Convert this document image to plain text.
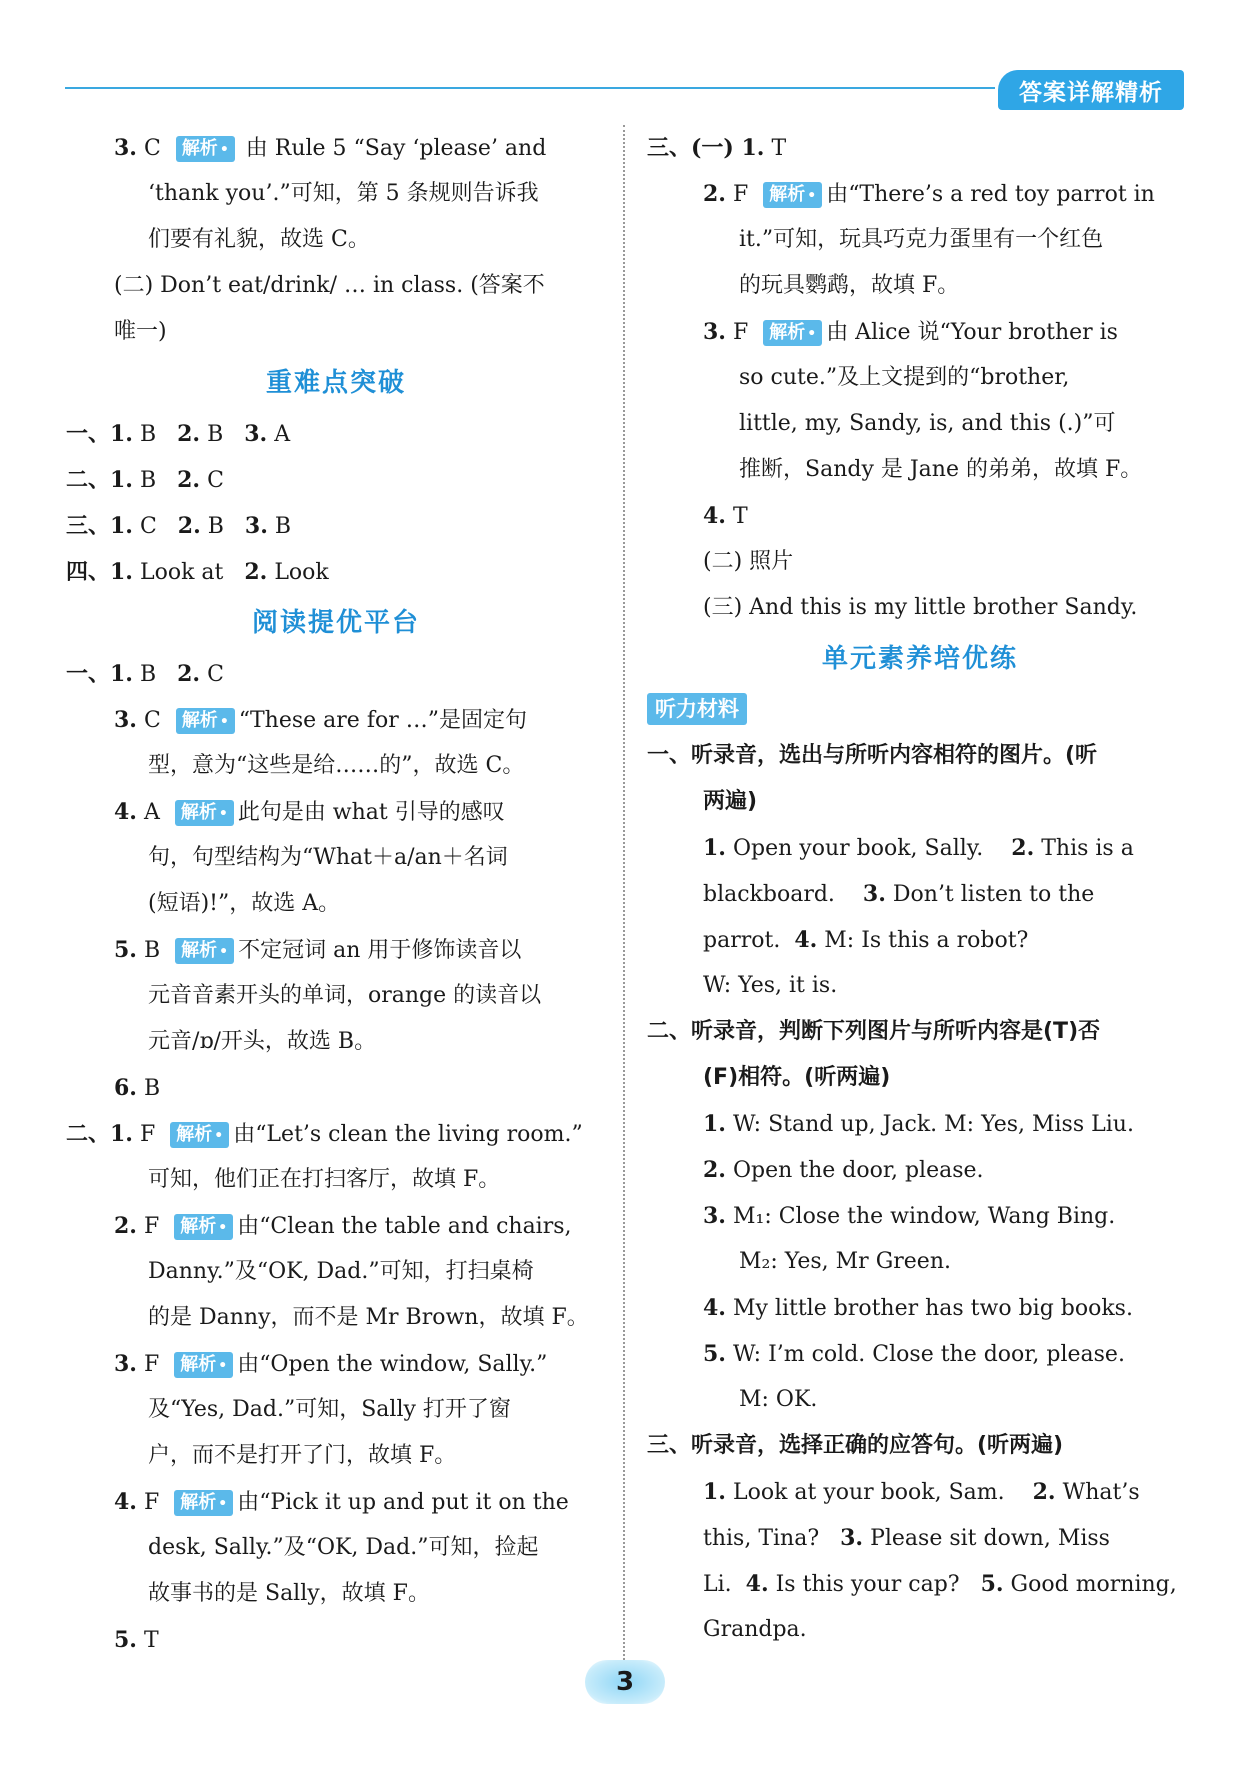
答案详解精析
3. C 解析 • 由 Rule 5 “Say ‘please’ and
‘thank you’.”可知，第 5 条规则告诉我
们要有礼貌，故选 C。
(二) Don’t eat/drink/ … in class. (答案不
唯一)
重难点突破
一、1. B 2. B 3. A
二、1. B 2. C
三、1. C 2. B 3. B
四、1. Look at 2. Look
阅读提优平台
一、1. B 2. C
3. C 解析 • “These are for …”是固定句
型，意为“这些是给……的”，故选 C。
4. A 解析 • 此句是由 what 引导的感叹
句，句型结构为“What＋a/an＋名词
(短语)!”，故选 A。
5. B 解析 • 不定冠词 an 用于修饰读音以
元音音素开头的单词，orange 的读音以
元音/ɒ/开头，故选 B。
6. B
二、1. F 解析 • 由“Let’s clean the living room.”
可知，他们正在打扫客厅，故填 F。
2. F 解析 • 由“Clean the table and chairs,
Danny.”及“OK, Dad.”可知，打扫桌椅
的是 Danny，而不是 Mr Brown，故填 F。
3. F 解析 • 由“Open the window, Sally.”
及“Yes, Dad.”可知，Sally 打开了窗
户，而不是打开了门，故填 F。
4. F 解析 • 由“Pick it up and put it on the
desk, Sally.”及“OK, Dad.”可知，捡起
故事书的是 Sally，故填 F。
5. T
三、(一) 1. T
2. F 解析 • 由“There’s a red toy parrot in
it.”可知，玩具巧克力蛋里有一个红色
的玩具鹦鹉，故填 F。
3. F 解析 • 由 Alice 说“Your brother is
so cute.”及上文提到的“brother,
little, my, Sandy, is, and this (.)”可
推断，Sandy 是 Jane 的弟弟，故填 F。
4. T
(二) 照片
(三) And this is my little brother Sandy.
单元素养培优练
听力材料
一、听录音，选出与所听内容相符的图片。(听
两遍)
1. Open your book, Sally. 2. This is a
blackboard. 3. Don’t listen to the
parrot. 4. M: Is this a robot?
W: Yes, it is.
二、听录音，判断下列图片与所听内容是(T)否
(F)相符。(听两遍)
1. W: Stand up, Jack. M: Yes, Miss Liu.
2. Open the door, please.
3. M₁: Close the window, Wang Bing.
M₂: Yes, Mr Green.
4. My little brother has two big books.
5. W: I’m cold. Close the door, please.
M: OK.
三、听录音，选择正确的应答句。(听两遍)
1. Look at your book, Sam. 2. What’s
this, Tina? 3. Please sit down, Miss
Li. 4. Is this your cap? 5. Good morning,
Grandpa.
3
